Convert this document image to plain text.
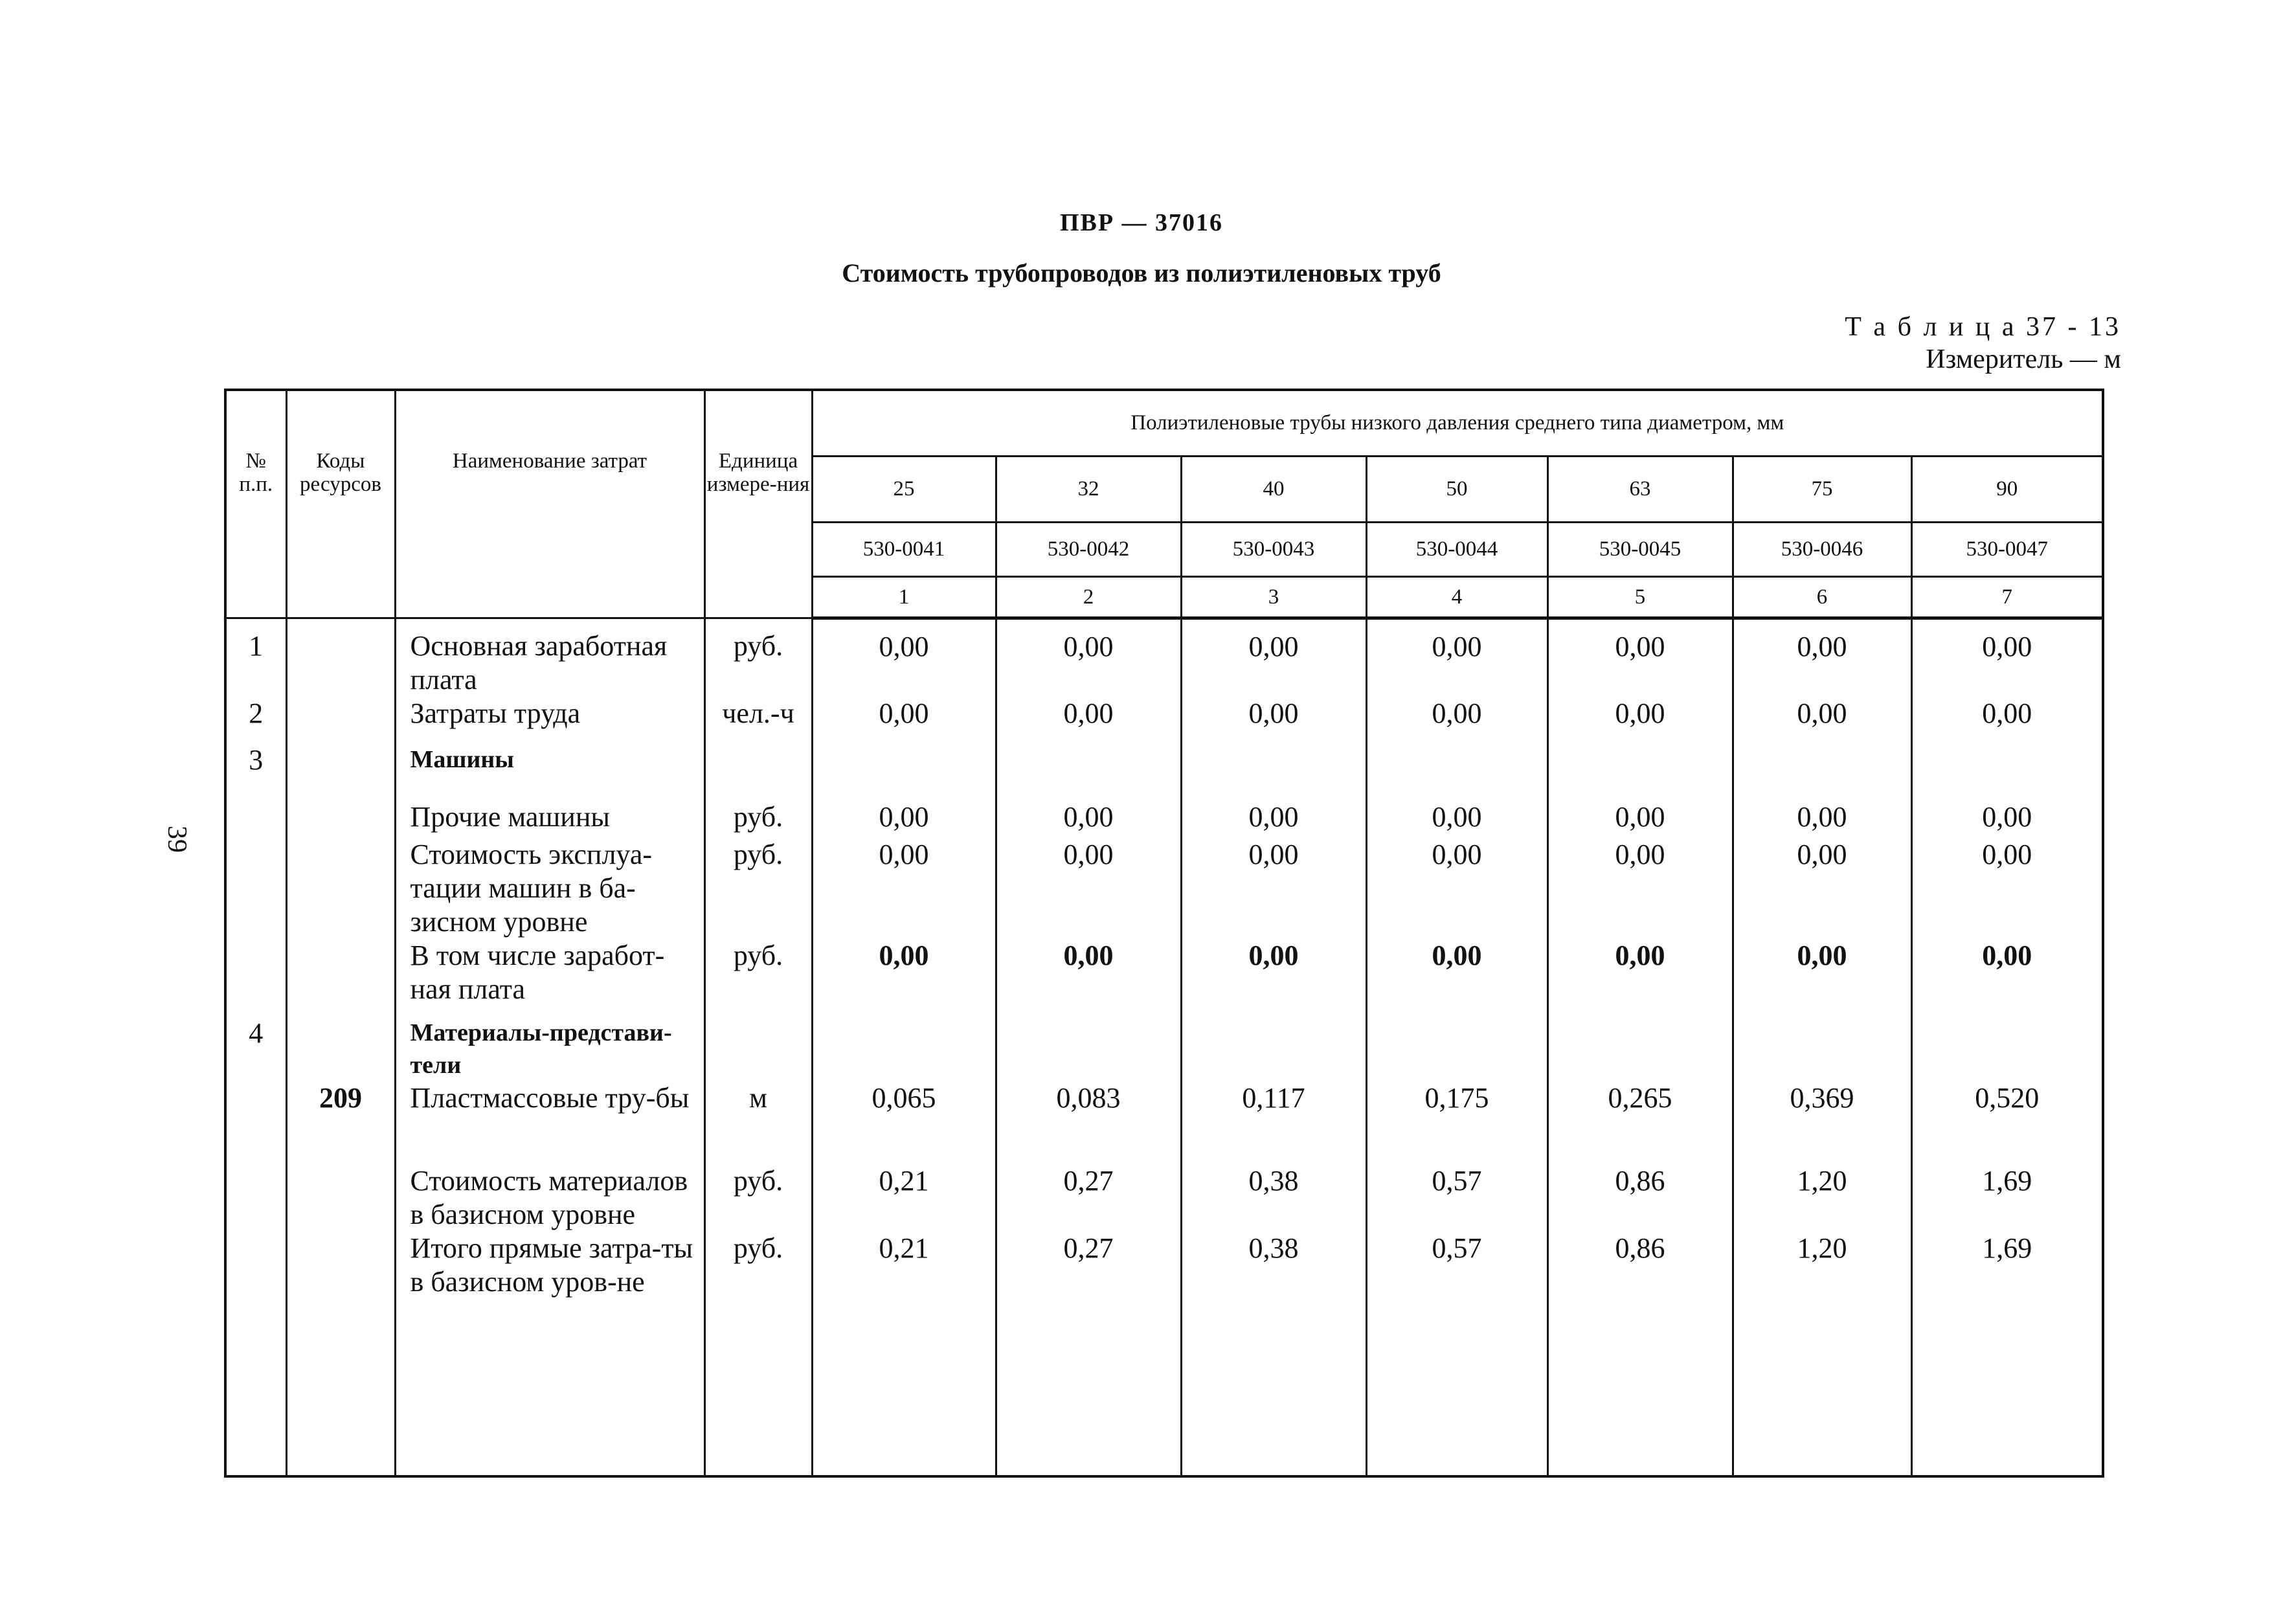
ПВР — 37016
Стоимость трубопроводов из полиэтиленовых труб
Т а б л и ц а 37 - 13
Измеритель — м
39
№ п.п.	Коды ресурсов	Наименование затрат	Единица измере-ния	Полиэтиленовые трубы низкого давления среднего типа диаметром, мм						
				25	32	40	50	63	75	90
				530-0041	530-0042	530-0043	530-0044	530-0045	530-0046	530-0047
				1	2	3	4	5	6	7
1		Основная заработная плата	руб.	0,00	0,00	0,00	0,00	0,00	0,00	0,00
2		Затраты труда	чел.-ч	0,00	0,00	0,00	0,00	0,00	0,00	0,00
3		Машины								
		Прочие машины	руб.	0,00	0,00	0,00	0,00	0,00	0,00	0,00
		Стоимость эксплуа-тации машин в ба-зисном уровне	руб.	0,00	0,00	0,00	0,00	0,00	0,00	0,00
		В том числе заработ-ная плата	руб.	0,00	0,00	0,00	0,00	0,00	0,00	0,00
4		Материалы-представи-тели								
	209	Пластмассовые тру-бы	м	0,065	0,083	0,117	0,175	0,265	0,369	0,520
		Стоимость материалов в базисном уровне	руб.	0,21	0,27	0,38	0,57	0,86	1,20	1,69
		Итого прямые затра-ты в базисном уров-не	руб.	0,21	0,27	0,38	0,57	0,86	1,20	1,69
